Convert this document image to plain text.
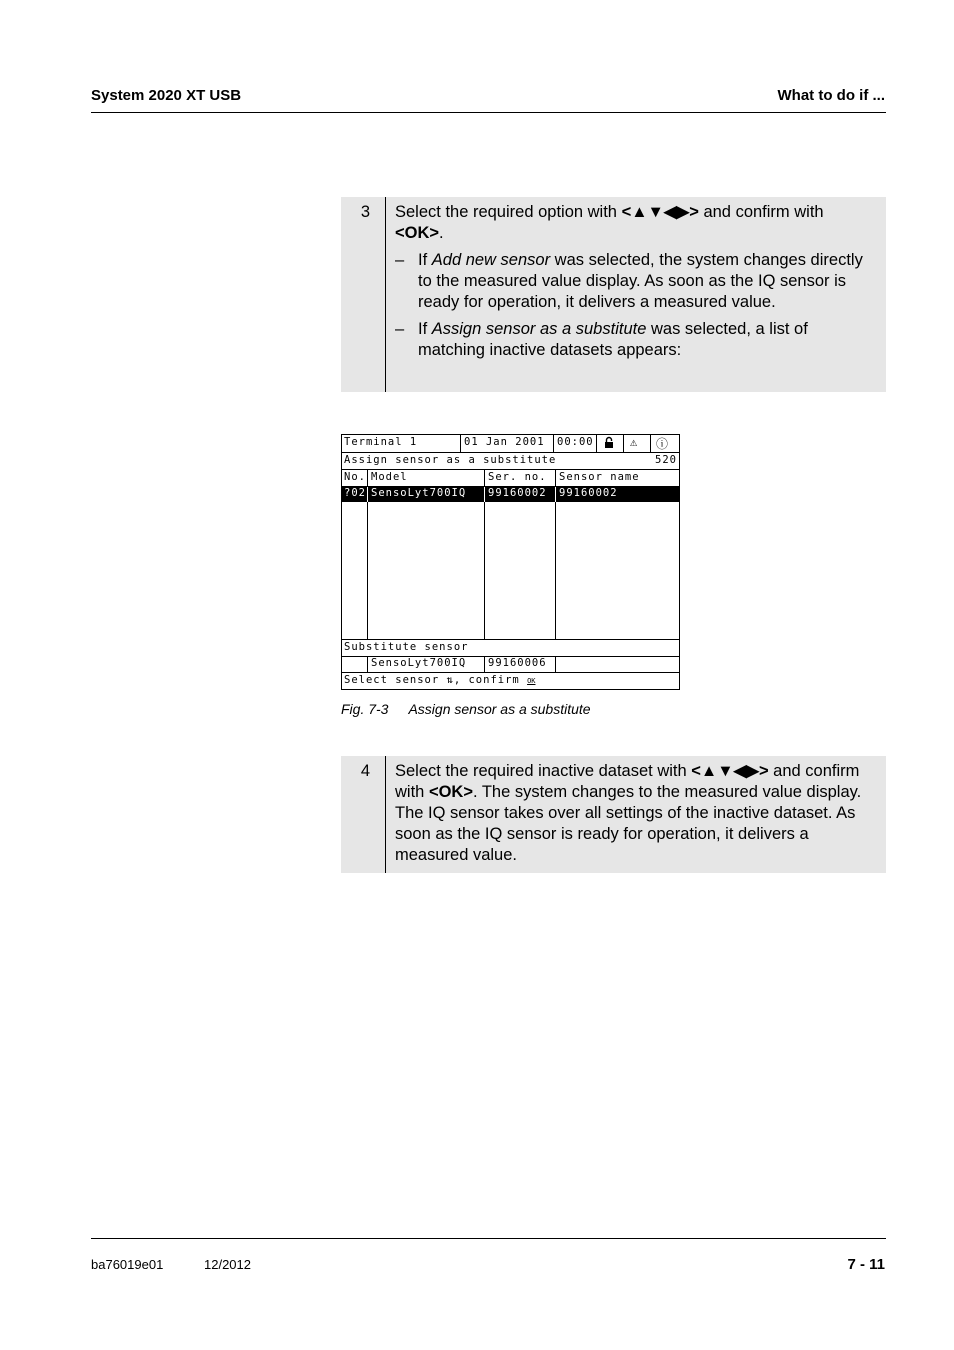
System 2020 XT USB	What to do if ...
3	Select the required option with <▲▼◀▶> and confirm with <OK>.

– If Add new sensor was selected, the system changes directly to the measured value display. As soon as the IQ sensor is ready for operation, it delivers a measured value.
– If Assign sensor as a substitute was selected, a list of matching inactive datasets appears:
Terminal 1	01 Jan 2001	00:00	⚠	ⓘ
Assign sensor as a substitute	520
No. Model	Ser. no.	Sensor name
?02 SensoLyt700IQ	99160002	99160002
Substitute sensor
SensoLyt700IQ	99160006
Select sensor ⇅, confirm OK
Fig. 7-3 Assign sensor as a substitute
4	Select the required inactive dataset with <▲▼◀▶> and confirm with <OK>. The system changes to the measured value display. The IQ sensor takes over all settings of the inactive dataset. As soon as the IQ sensor is ready for operation, it delivers a measured value.

ba76019e01	12/2012	7 - 11
